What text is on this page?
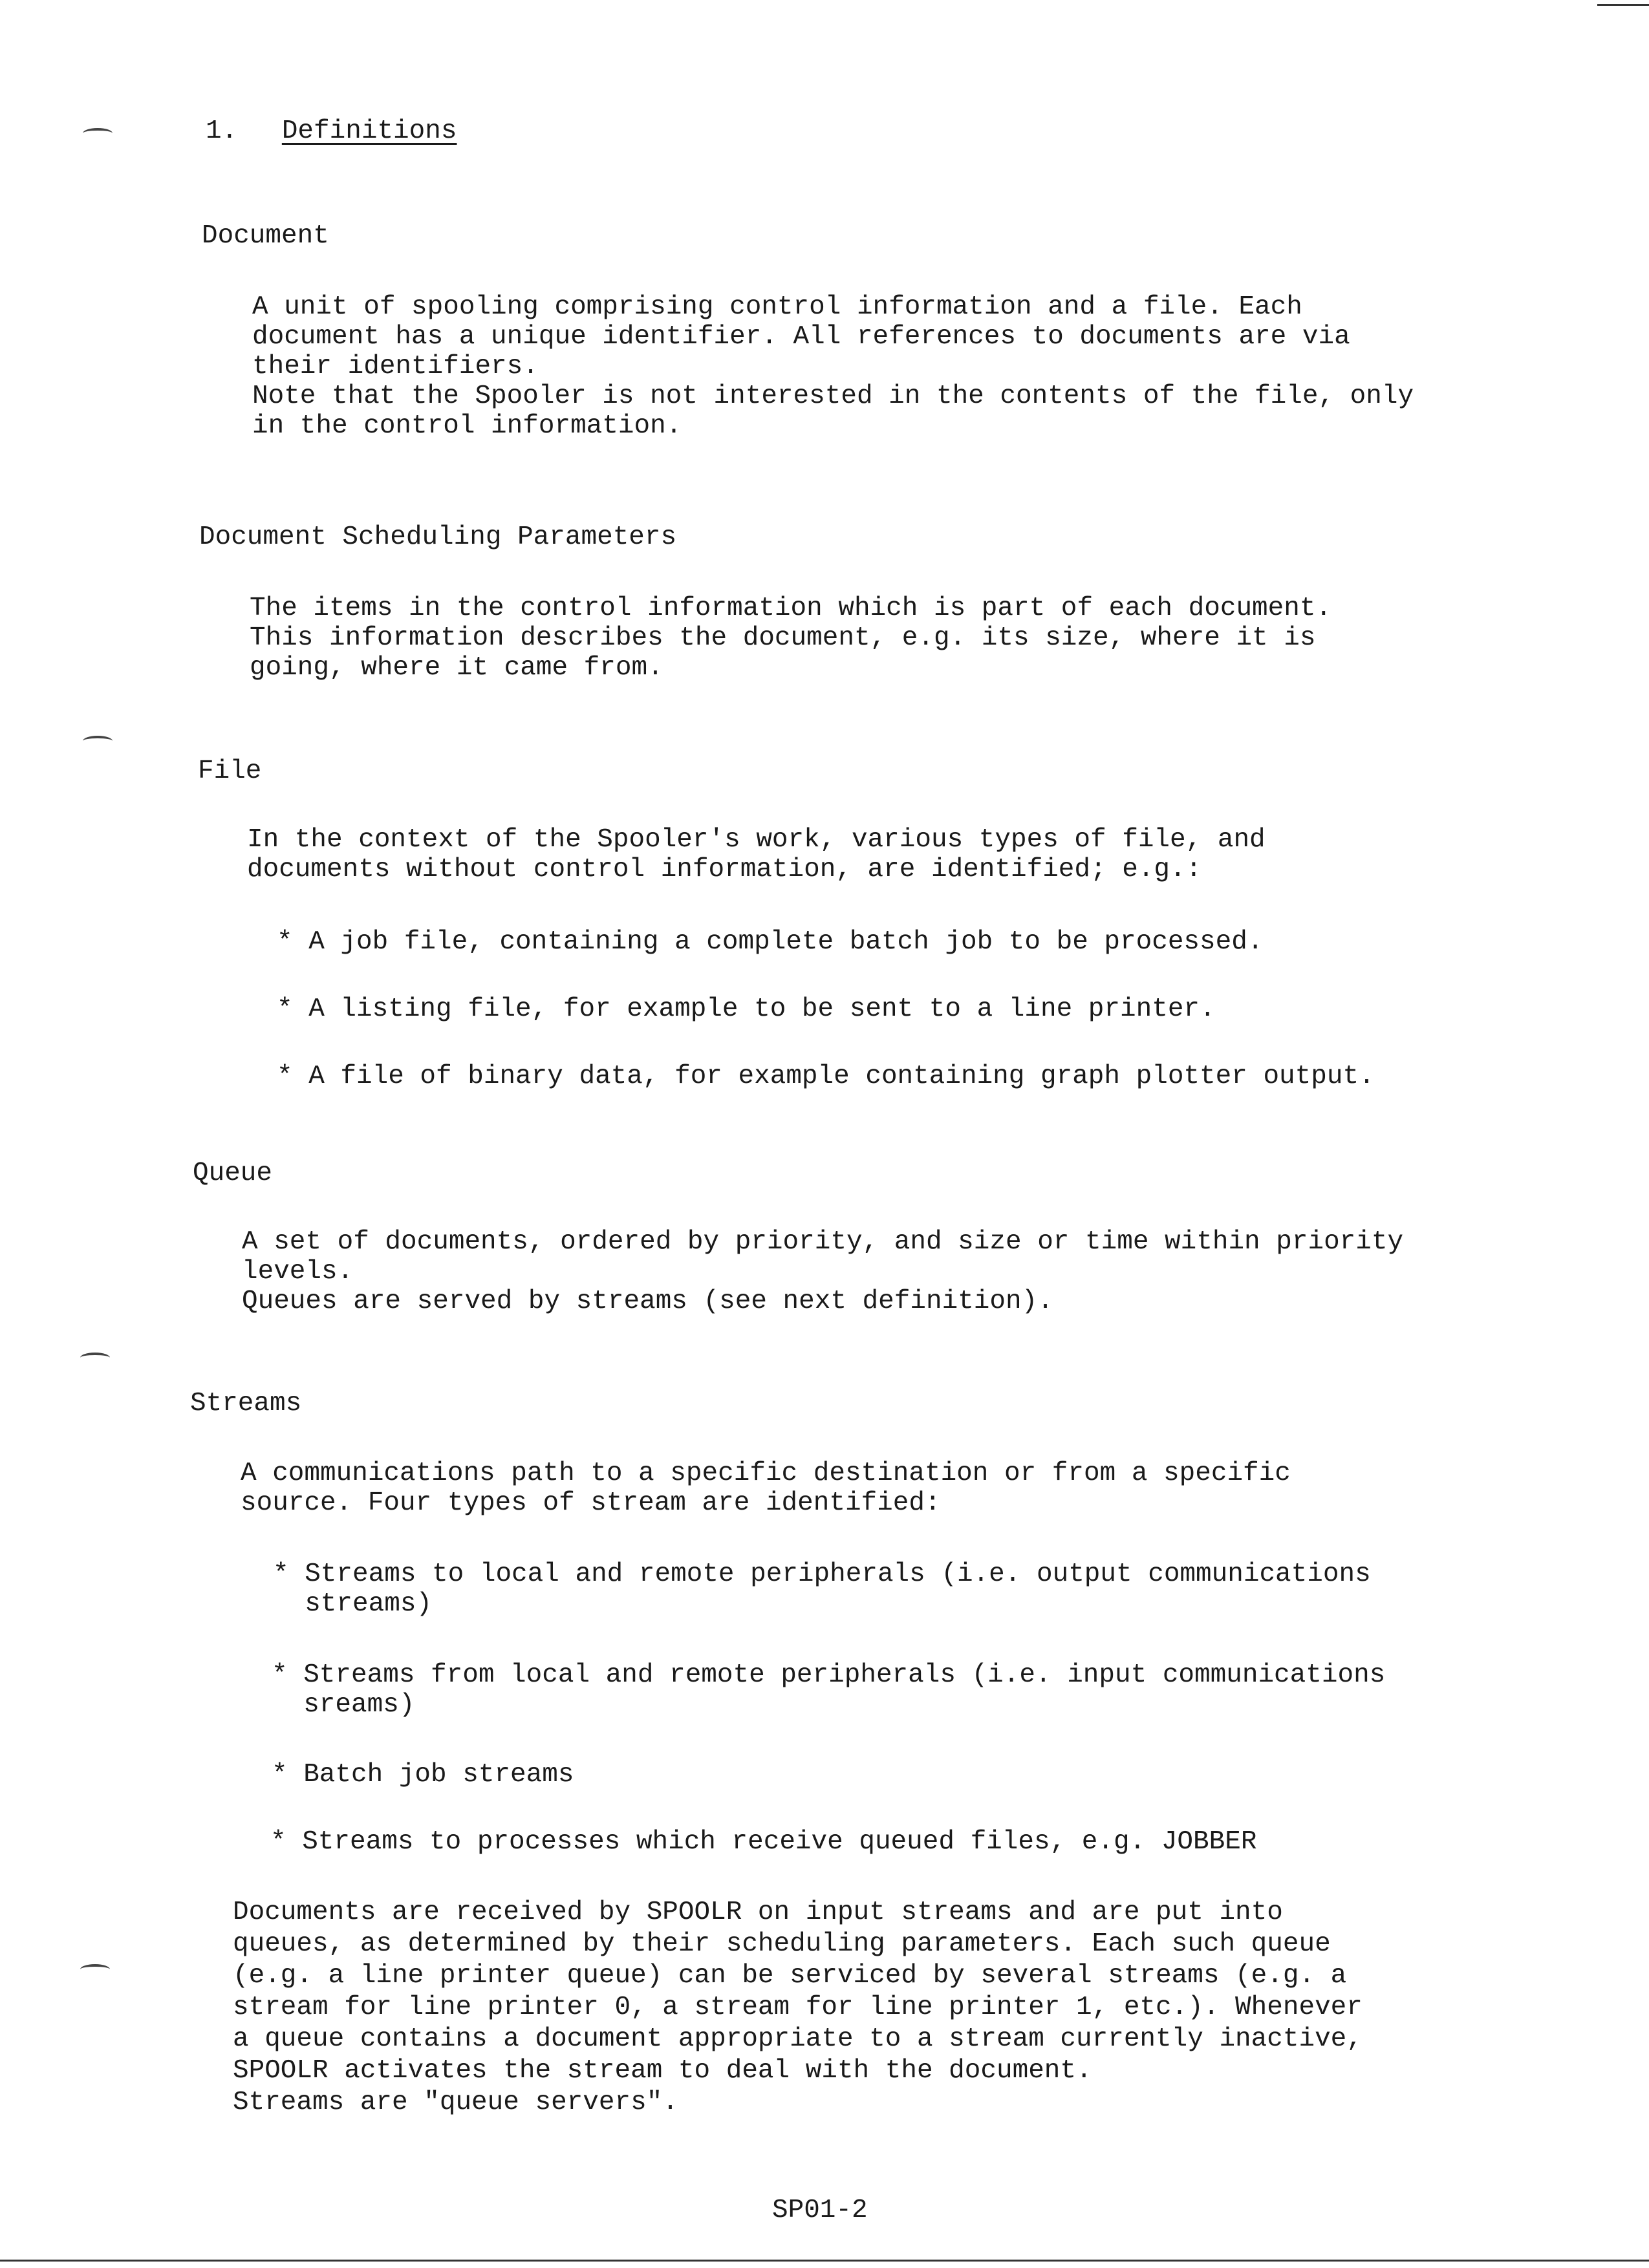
1. Definitions
Document
A unit of spooling comprising control information and a file. Each
document has a unique identifier. All references to documents are via
their identifiers.
Note that the Spooler is not interested in the contents of the file, only
in the control information.
Document Scheduling Parameters
The items in the control information which is part of each document.
This information describes the document, e.g. its size, where it is
going, where it came from.
File
In the context of the Spooler's work, various types of file, and
documents without control information, are identified; e.g.:
* A job file, containing a complete batch job to be processed.
* A listing file, for example to be sent to a line printer.
* A file of binary data, for example containing graph plotter output.
Queue
A set of documents, ordered by priority, and size or time within priority
levels.
Queues are served by streams (see next definition).
Streams
A communications path to a specific destination or from a specific
source. Four types of stream are identified:
* Streams to local and remote peripherals (i.e. output communications
streams)
* Streams from local and remote peripherals (i.e. input communications
sreams)
* Batch job streams
* Streams to processes which receive queued files, e.g. JOBBER
Documents are received by SPOOLR on input streams and are put into
queues, as determined by their scheduling parameters. Each such queue
(e.g. a line printer queue) can be serviced by several streams (e.g. a
stream for line printer 0, a stream for line printer 1, etc.). Whenever
a queue contains a document appropriate to a stream currently inactive,
SPOOLR activates the stream to deal with the document.
Streams are "queue servers".
SP01-2
